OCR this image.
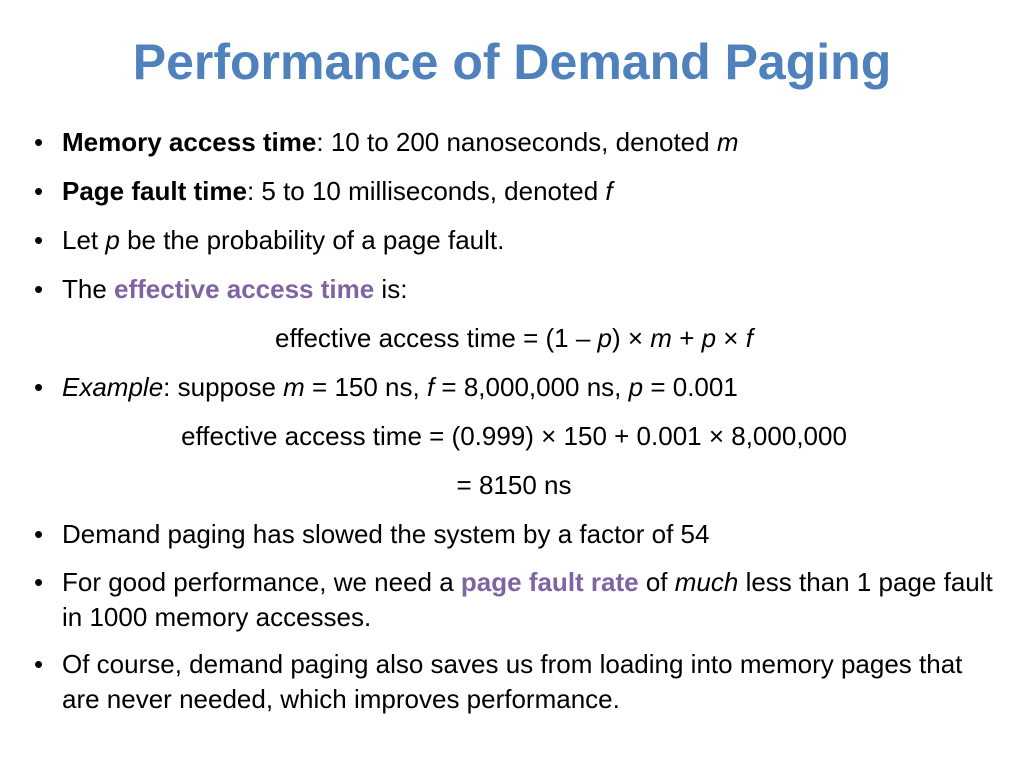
Performance of Demand Paging
• Memory access time: 10 to 200 nanoseconds, denoted m
• Page fault time: 5 to 10 milliseconds, denoted f
• Let p be the probability of a page fault.
• The effective access time is:
effective access time = (1 – p) × m + p × f
• Example: suppose m = 150 ns, f = 8,000,000 ns, p = 0.001
effective access time = (0.999) × 150 + 0.001 × 8,000,000
= 8150 ns
• Demand paging has slowed the system by a factor of 54
• For good performance, we need a page fault rate of much less than 1 page fault in 1000 memory accesses.
• Of course, demand paging also saves us from loading into memory pages that are never needed, which improves performance.
